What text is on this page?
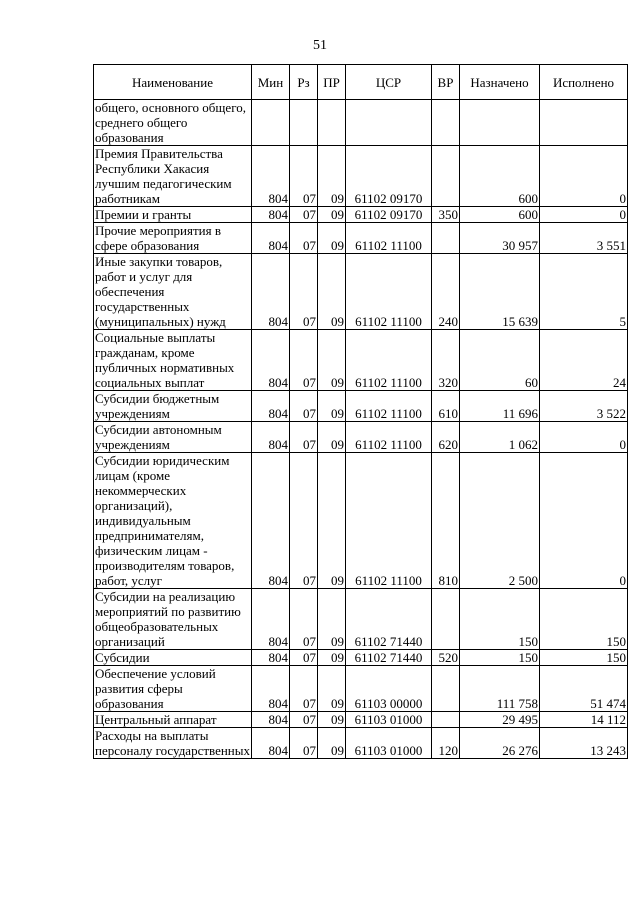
51
Наименование	Мин	Рз	ПР	ЦСР	ВР	Назначено	Исполнено
общего, основного общего, среднего общего образования							
Премия Правительства Республики Хакасия лучшим педагогическим работникам	804	07	09	61102 09170		600	0
Премии и гранты	804	07	09	61102 09170	350	600	0
Прочие мероприятия в сфере образования	804	07	09	61102 11100		30 957	3 551
Иные закупки товаров, работ и услуг для обеспечения государственных (муниципальных) нужд	804	07	09	61102 11100	240	15 639	5
Социальные выплаты гражданам, кроме публичных нормативных социальных выплат	804	07	09	61102 11100	320	60	24
Субсидии бюджетным учреждениям	804	07	09	61102 11100	610	11 696	3 522
Субсидии автономным учреждениям	804	07	09	61102 11100	620	1 062	0
Субсидии юридическим лицам (кроме некоммерческих организаций), индивидуальным предпринимателям, физическим лицам - производителям товаров, работ, услуг	804	07	09	61102 11100	810	2 500	0
Субсидии на реализацию мероприятий по развитию общеобразовательных организаций	804	07	09	61102 71440		150	150
Субсидии	804	07	09	61102 71440	520	150	150
Обеспечение условий развития сферы образования	804	07	09	61103 00000		111 758	51 474
Центральный аппарат	804	07	09	61103 01000		29 495	14 112
Расходы на выплаты персоналу государственных	804	07	09	61103 01000	120	26 276	13 243
